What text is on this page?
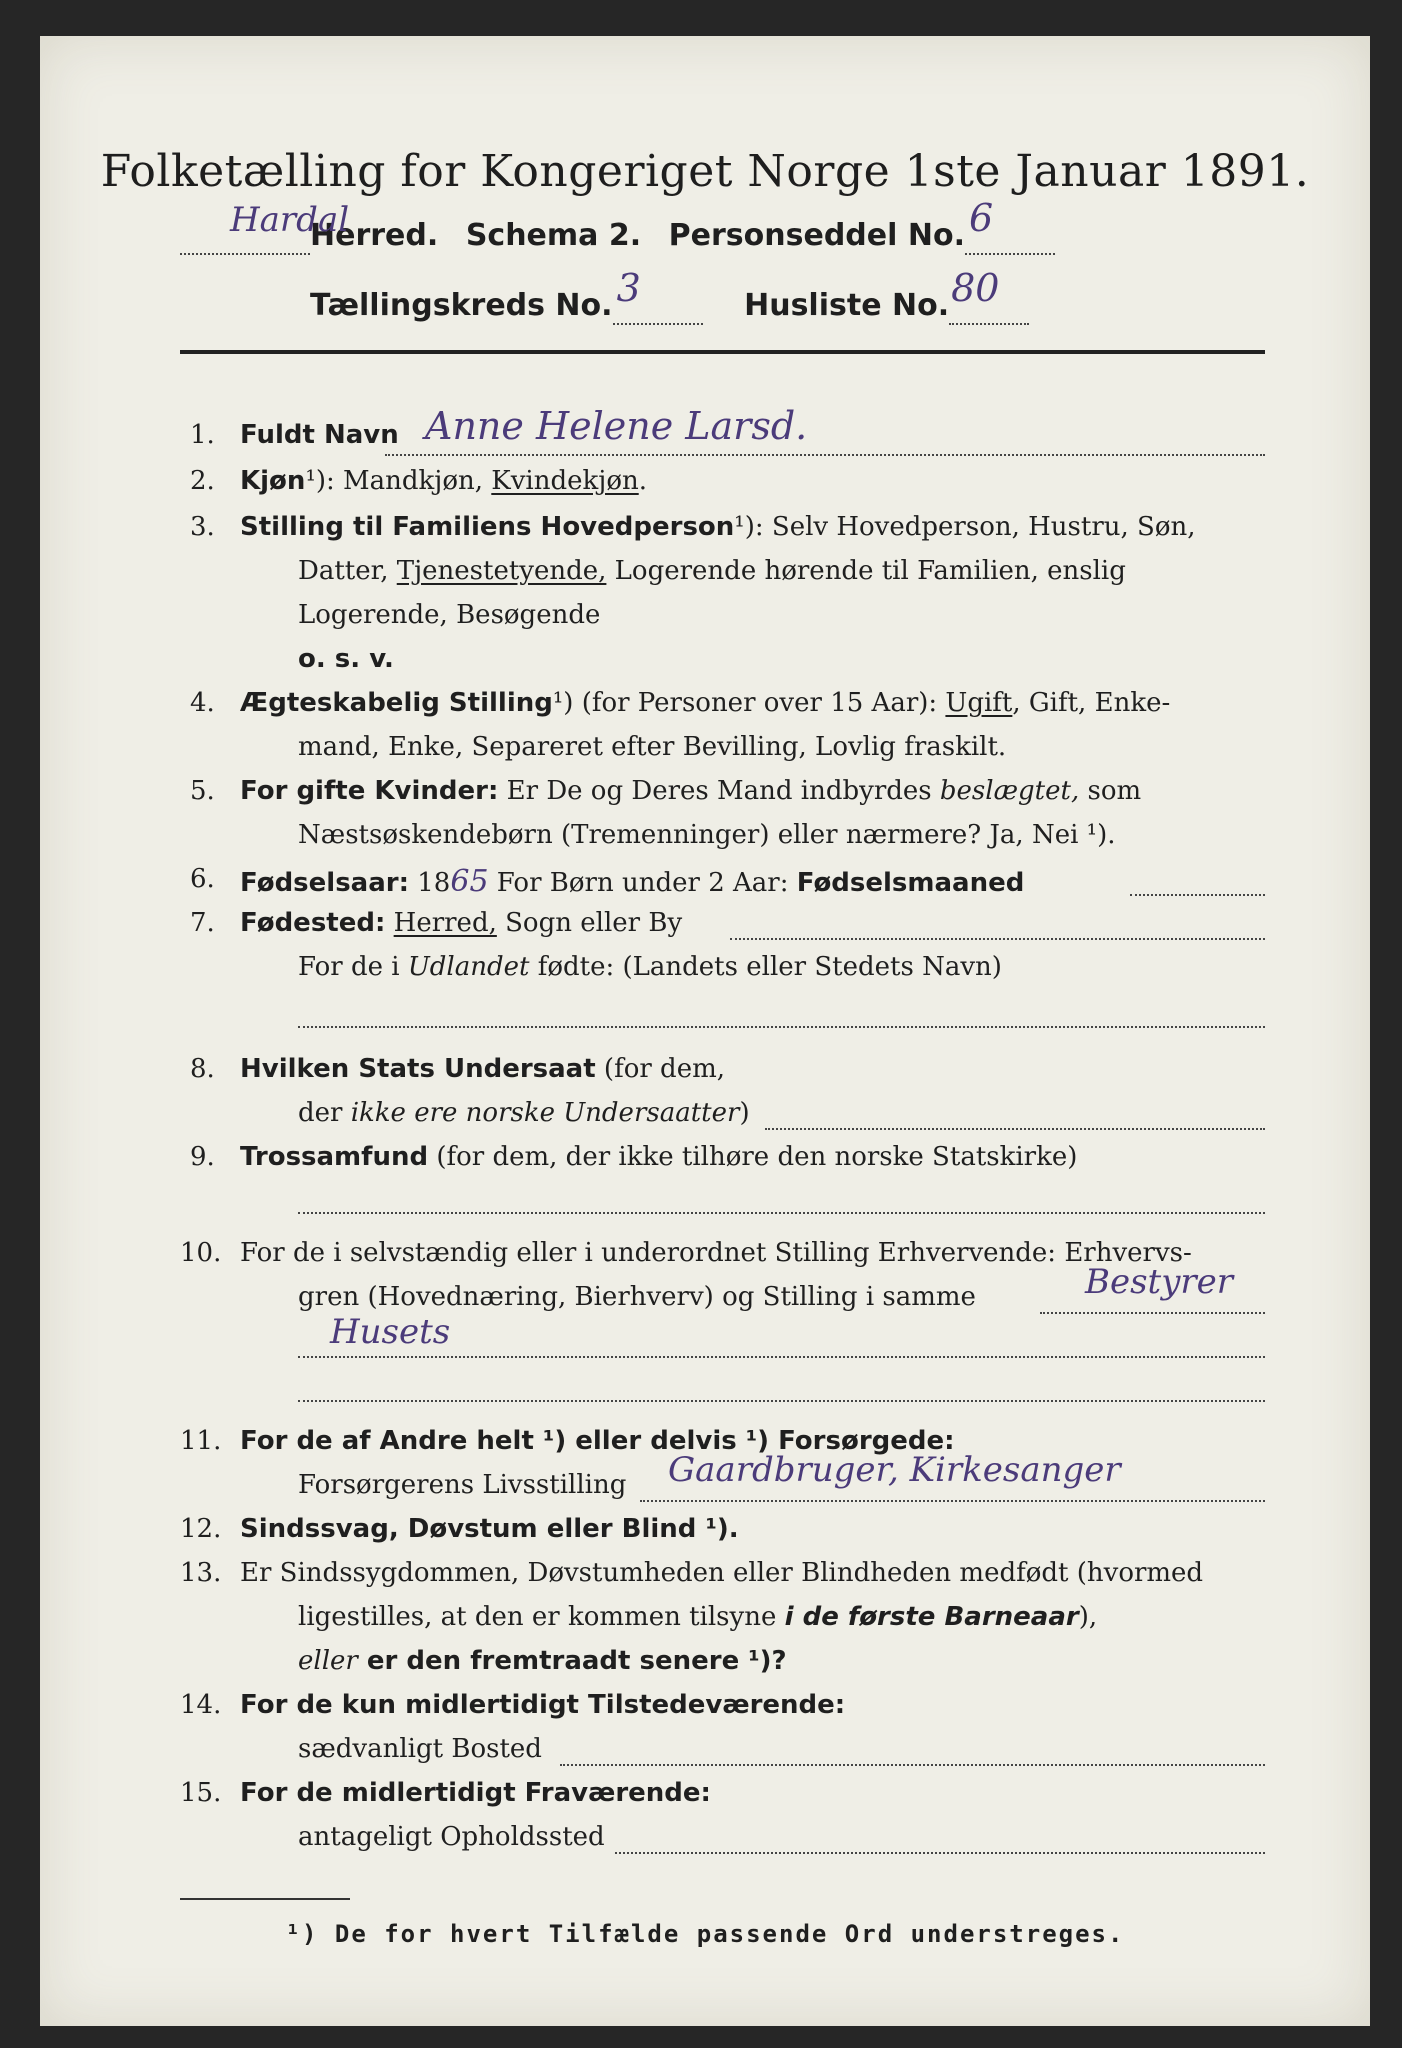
Folketælling for Kongeriget Norge 1ste Januar 1891.
Hardal
Herred. Schema 2. Personseddel No. 6

Tællingskreds No. 3	Husliste No. 80

1. Fuldt Navn Anne Helene Larsd.
2. Kjøn¹): Mandkjøn, Kvindekjøn.
3. Stilling til Familiens Hovedperson¹): Selv Hovedperson, Hustru, Søn,
Datter, Tjenestetyende, Logerende hørende til Familien, enslig
Logerende, Besøgende
o. s. v.
4. Ægteskabelig Stilling¹) (for Personer over 15 Aar): Ugift, Gift, Enke-
mand, Enke, Separeret efter Bevilling, Lovlig fraskilt.
5. For gifte Kvinder: Er De og Deres Mand indbyrdes beslægtet, som
Næstsøskendebørn (Tremenninger) eller nærmere? Ja, Nei ¹).
6. Fødselsaar: 1865 For Børn under 2 Aar: Fødselsmaaned
7. Fødested: Herred, Sogn eller By
For de i Udlandet fødte: (Landets eller Stedets Navn)
8. Hvilken Stats Undersaat (for dem,
der ikke ere norske Undersaatter)
9. Trossamfund (for dem, der ikke tilhøre den norske Statskirke)
10. For de i selvstændig eller i underordnet Stilling Erhvervende: Erhvervs-
gren (Hovednæring, Bierhverv) og Stilling i samme	Bestyrer
Husets
11. For de af Andre helt ¹) eller delvis ¹) Forsørgede:
Forsørgerens Livsstilling Gaardbruger, Kirkesanger
12. Sindssvag, Døvstum eller Blind ¹).
13. Er Sindssygdommen, Døvstumheden eller Blindheden medfødt (hvormed
ligestilles, at den er kommen tilsyne i de første Barneaar),
eller er den fremtraadt senere ¹)?
14. For de kun midlertidigt Tilstedeværende:
sædvanligt Bosted
15. For de midlertidigt Fraværende:
antageligt Opholdssted
¹) De for hvert Tilfælde passende Ord understreges.
